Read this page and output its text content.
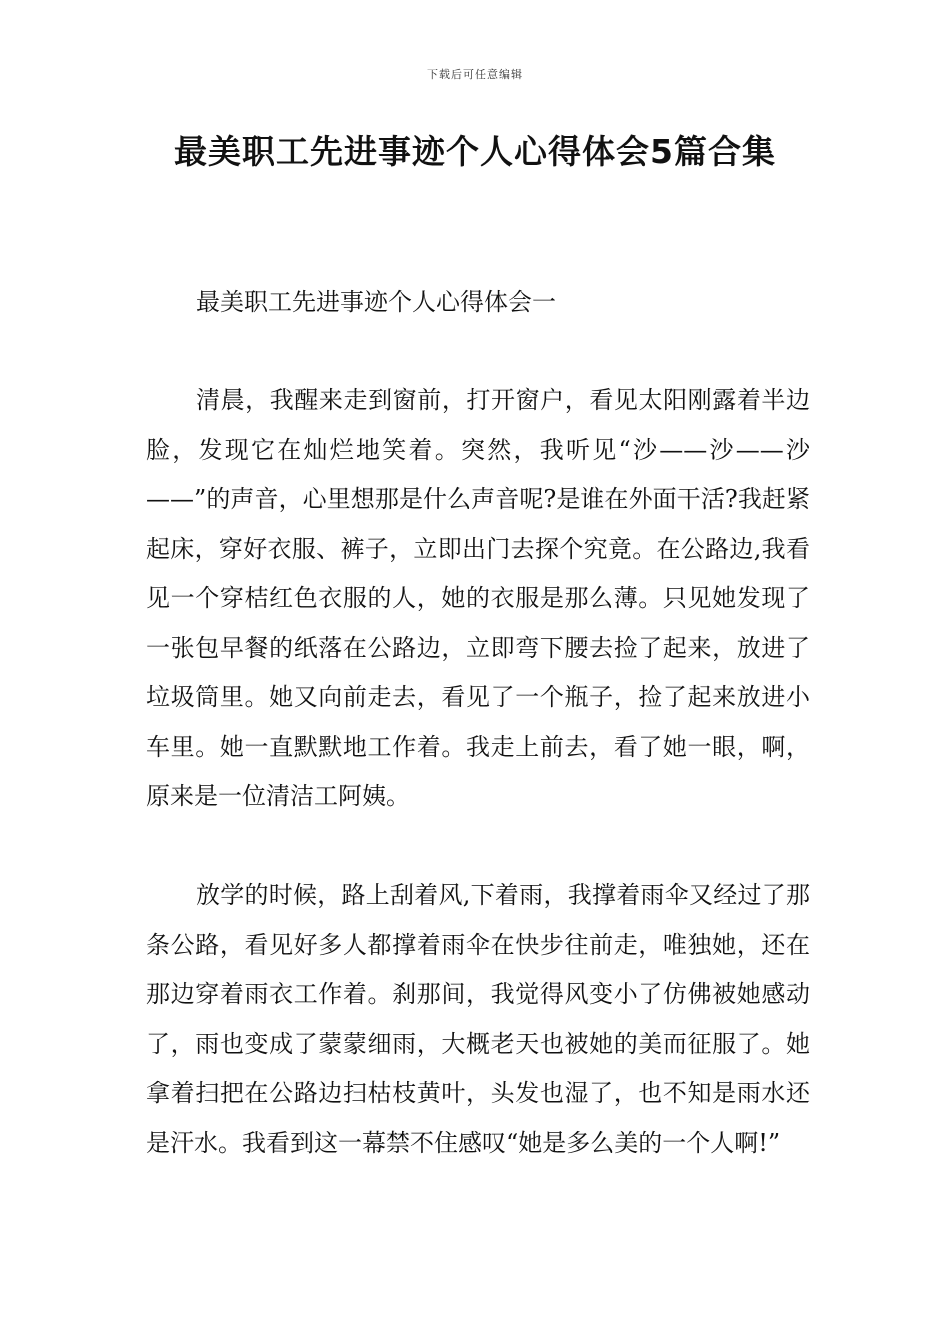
下载后可任意编辑
最美职工先进事迹个人心得体会5篇合集
最美职工先进事迹个人心得体会一

清晨，我醒来走到窗前，打开窗户，看见太阳刚露着半边脸，发现它在灿烂地笑着。突然，我听见“沙——沙——沙——”的声音，心里想那是什么声音呢?是谁在外面干活?我赶紧起床，穿好衣服、裤子，立即出门去探个究竟。在公路边,我看见一个穿桔红色衣服的人，她的衣服是那么薄。只见她发现了一张包早餐的纸落在公路边，立即弯下腰去捡了起来，放进了垃圾筒里。她又向前走去，看见了一个瓶子，捡了起来放进小车里。她一直默默地工作着。我走上前去，看了她一眼，啊，原来是一位清洁工阿姨。

放学的时候，路上刮着风,下着雨，我撑着雨伞又经过了那条公路，看见好多人都撑着雨伞在快步往前走，唯独她，还在那边穿着雨衣工作着。刹那间，我觉得风变小了仿佛被她感动了，雨也变成了蒙蒙细雨，大概老天也被她的美而征服了。她拿着扫把在公路边扫枯枝黄叶，头发也湿了，也不知是雨水还是汗水。我看到这一幕禁不住感叹“她是多么美的一个人啊!”
